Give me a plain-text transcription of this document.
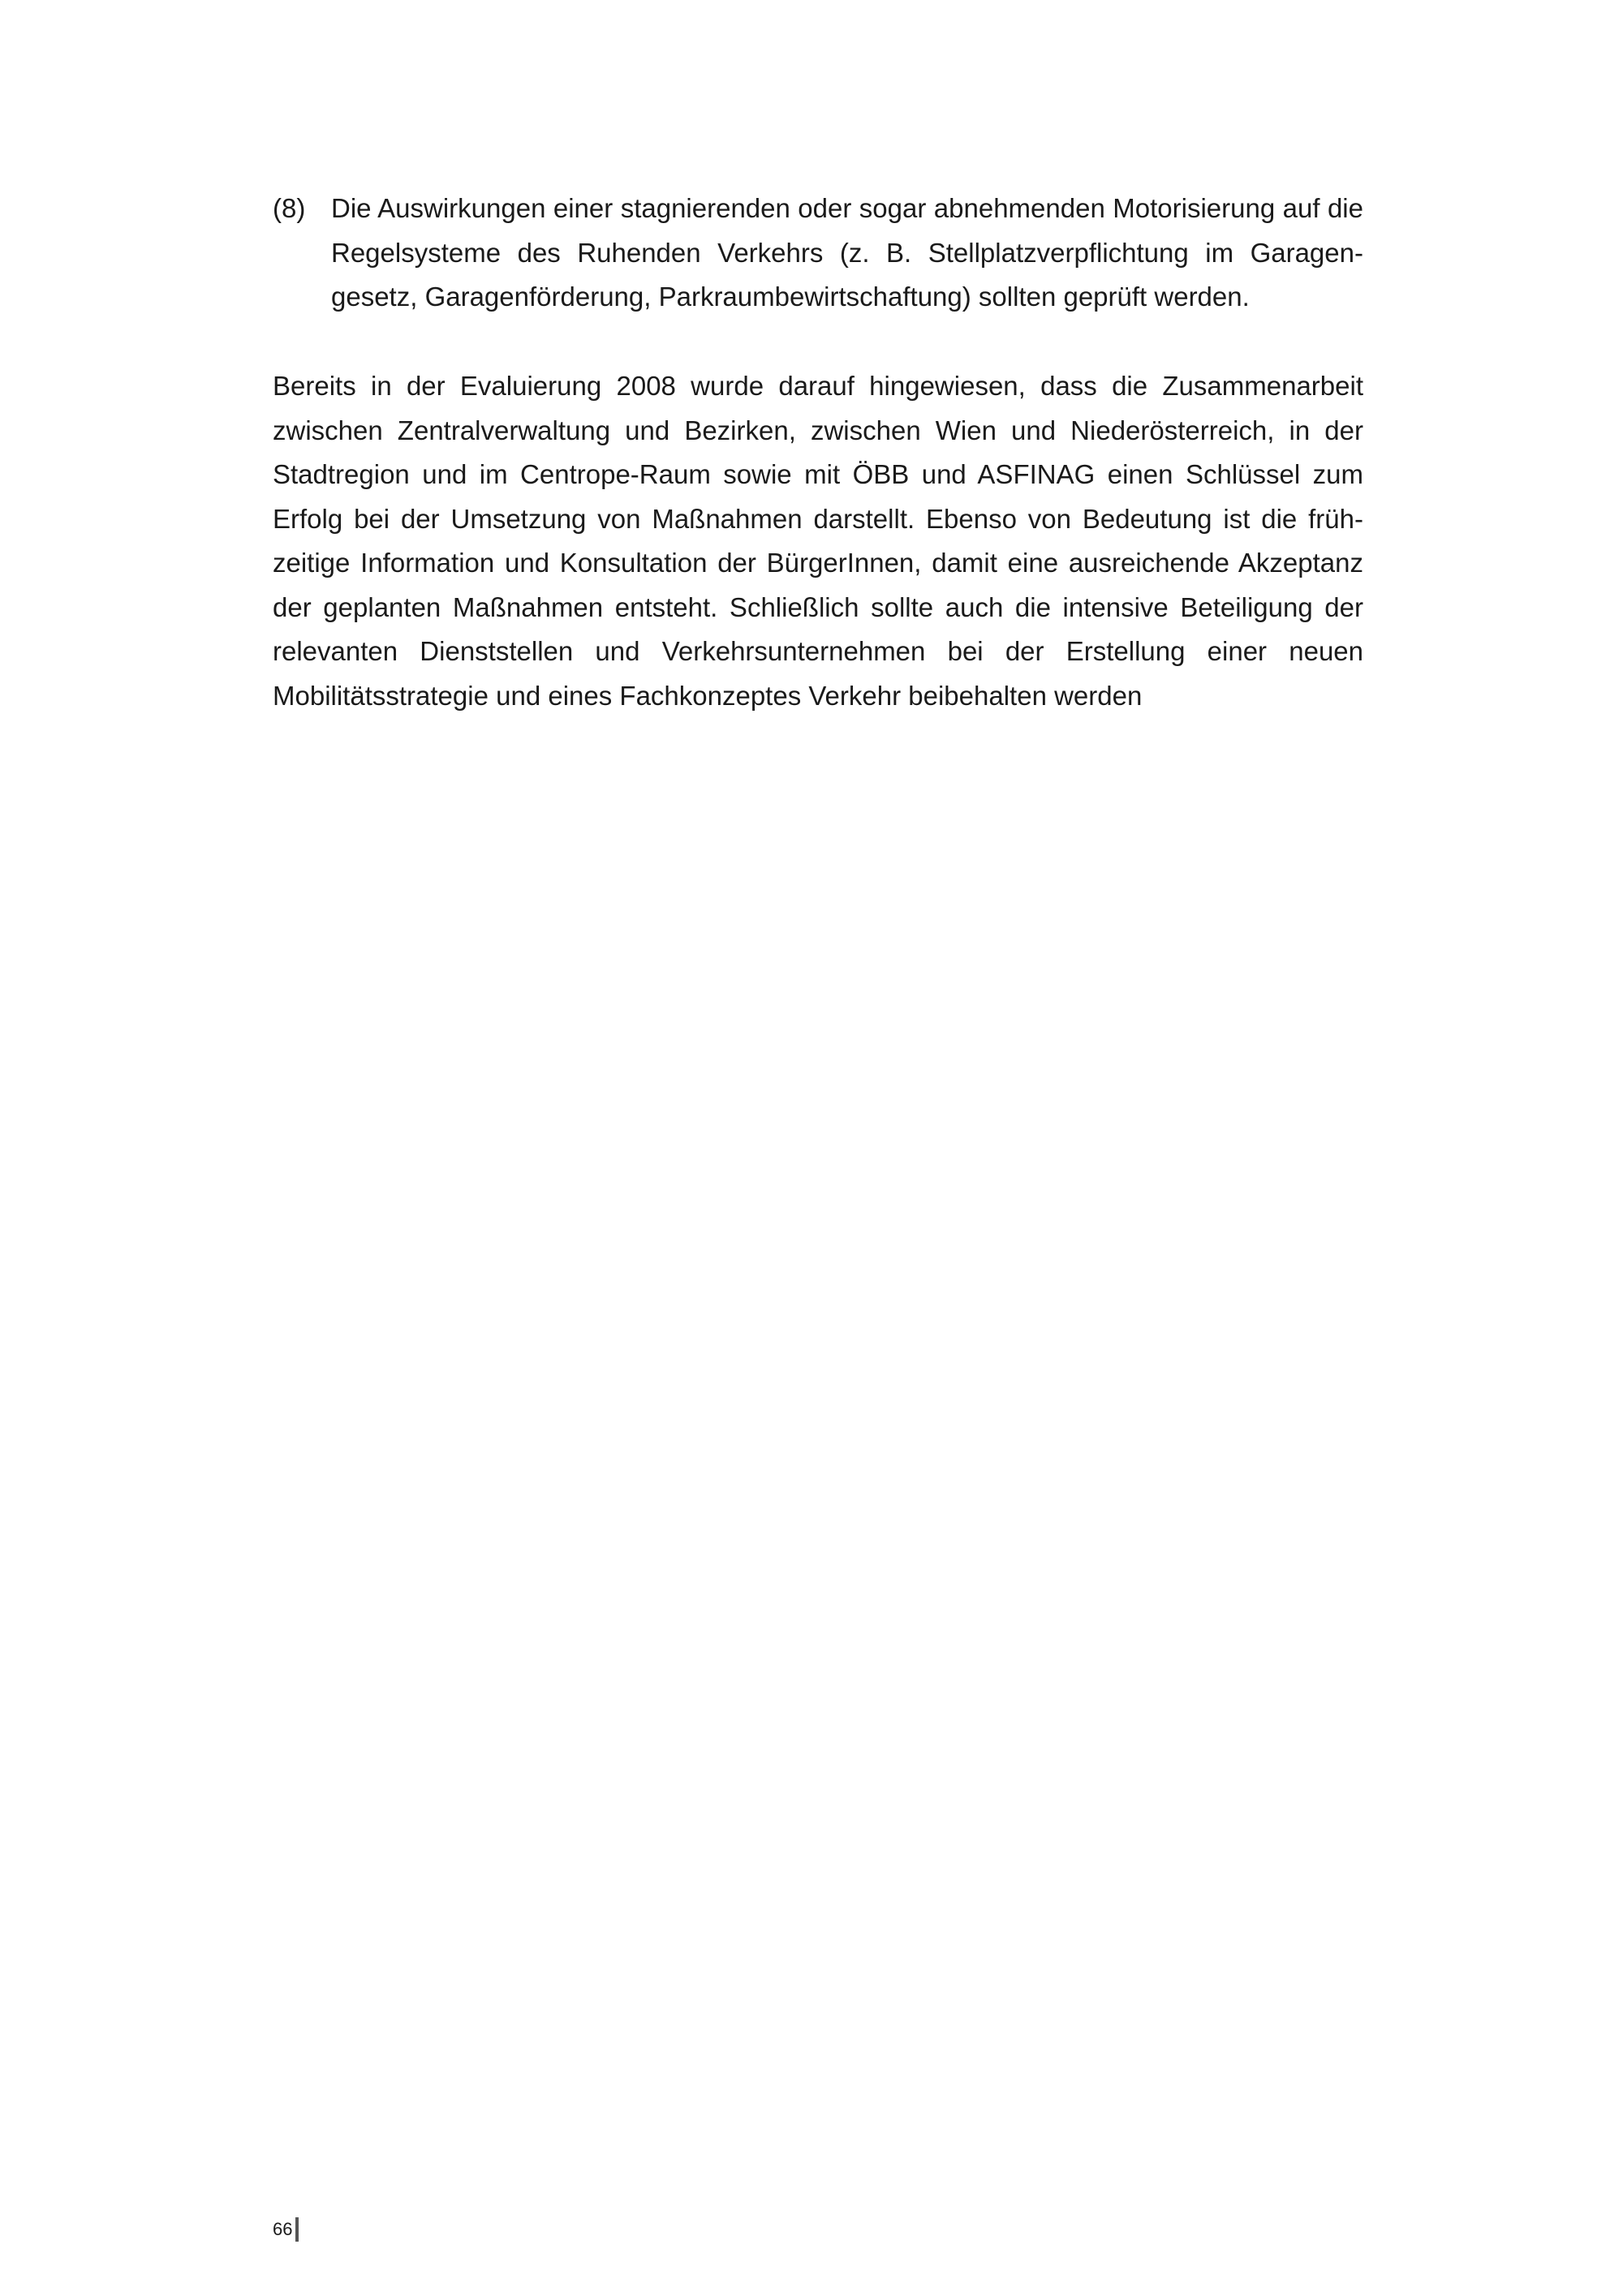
(8) Die Auswirkungen einer stagnierenden oder sogar abnehmenden Motorisierung auf die Regelsysteme des Ruhenden Verkehrs (z. B. Stellplatzverpflichtung im Garagengesetz, Garagenförderung, Parkraumbewirtschaftung) sollten geprüft werden.
Bereits in der Evaluierung 2008 wurde darauf hingewiesen, dass die Zusammenarbeit zwischen Zentralverwaltung und Bezirken, zwischen Wien und Niederösterreich, in der Stadtregion und im Centrope-Raum sowie mit ÖBB und ASFINAG einen Schlüssel zum Erfolg bei der Umsetzung von Maßnahmen darstellt. Ebenso von Bedeutung ist die frühzeitige Information und Konsultation der BürgerInnen, damit eine ausreichende Akzeptanz der geplanten Maßnahmen entsteht. Schließlich sollte auch die intensive Beteiligung der relevanten Dienststellen und Verkehrsunternehmen bei der Erstellung einer neuen Mobilitätsstrategie und eines Fachkonzeptes Verkehr beibehalten werden
66
